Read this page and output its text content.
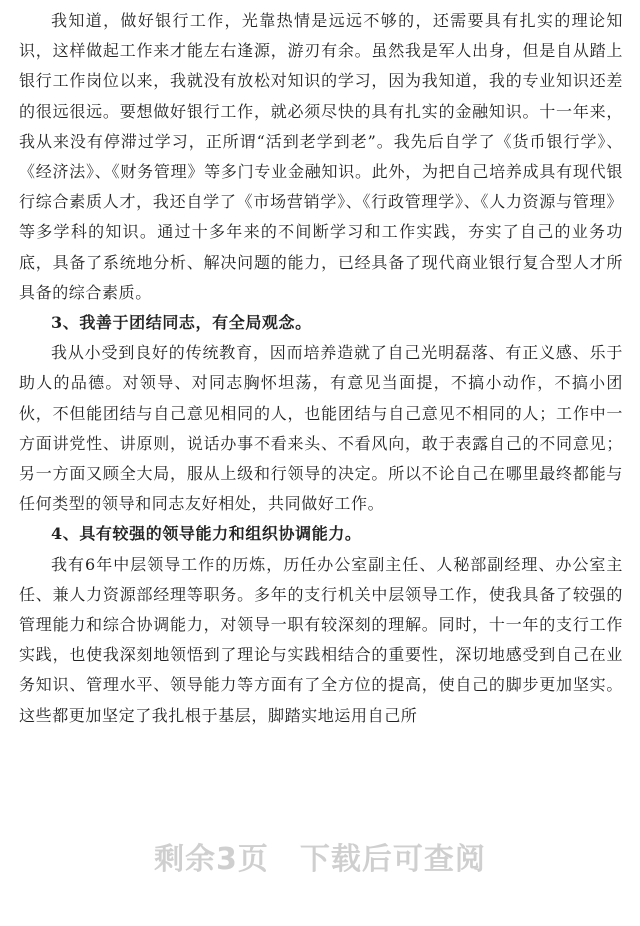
我知道，做好银行工作，光靠热情是远远不够的，还需要具有扎实的理论知识，这样做起工作来才能左右逢源，游刃有余。虽然我是军人出身，但是自从踏上银行工作岗位以来，我就没有放松对知识的学习，因为我知道，我的专业知识还差的很远很远。要想做好银行工作，就必须尽快的具有扎实的金融知识。十一年来，我从来没有停滞过学习，正所谓“活到老学到老”。我先后自学了《货币银行学》、《经济法》、《财务管理》等多门专业金融知识。此外，为把自己培养成具有现代银行综合素质人才，我还自学了《市场营销学》、《行政管理学》、《人力资源与管理》等多学科的知识。通过十多年来的不间断学习和工作实践，夯实了自己的业务功底，具备了系统地分析、解决问题的能力，已经具备了现代商业银行复合型人才所具备的综合素质。

3、我善于团结同志，有全局观念。

我从小受到良好的传统教育，因而培养造就了自己光明磊落、有正义感、乐于助人的品德。对领导、对同志胸怀坦荡，有意见当面提，不搞小动作，不搞小团伙，不但能团结与自己意见相同的人，也能团结与自己意见不相同的人；工作中一方面讲党性、讲原则，说话办事不看来头、不看风向，敢于表露自己的不同意见；另一方面又顾全大局，服从上级和行领导的决定。所以不论自己在哪里最终都能与任何类型的领导和同志友好相处，共同做好工作。

4、具有较强的领导能力和组织协调能力。

我有6年中层领导工作的历炼，历任办公室副主任、人秘部副经理、办公室主任、兼人力资源部经理等职务。多年的支行机关中层领导工作，使我具备了较强的管理能力和综合协调能力，对领导一职有较深刻的理解。同时，十一年的支行工作实践，也使我深刻地领悟到了理论与实践相结合的重要性，深切地感受到自己在业务知识、管理水平、领导能力等方面有了全方位的提高，使自己的脚步更加坚实。这些都更加坚定了我扎根于基层，脚踏实地运用自己所

剩余3页　下载后可查阅
